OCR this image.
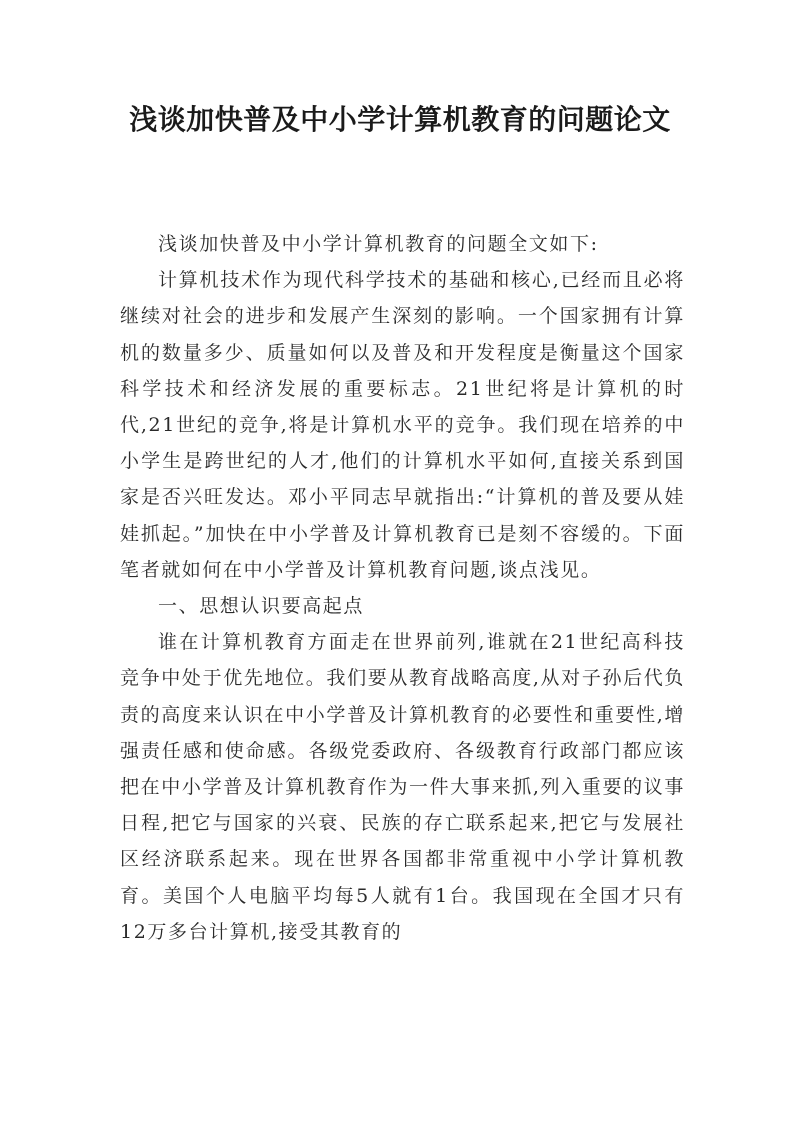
浅谈加快普及中小学计算机教育的问题论文

浅谈加快普及中小学计算机教育的问题全文如下:

计算机技术作为现代科学技术的基础和核心,已经而且必将继续对社会的进步和发展产生深刻的影响。一个国家拥有计算机的数量多少、质量如何以及普及和开发程度是衡量这个国家科学技术和经济发展的重要标志。21世纪将是计算机的时代,21世纪的竞争,将是计算机水平的竞争。我们现在培养的中小学生是跨世纪的人才,他们的计算机水平如何,直接关系到国家是否兴旺发达。邓小平同志早就指出:“计算机的普及要从娃娃抓起。”加快在中小学普及计算机教育已是刻不容缓的。下面笔者就如何在中小学普及计算机教育问题,谈点浅见。

一、思想认识要高起点

谁在计算机教育方面走在世界前列,谁就在21世纪高科技竞争中处于优先地位。我们要从教育战略高度,从对子孙后代负责的高度来认识在中小学普及计算机教育的必要性和重要性,增强责任感和使命感。各级党委政府、各级教育行政部门都应该把在中小学普及计算机教育作为一件大事来抓,列入重要的议事日程,把它与国家的兴衰、民族的存亡联系起来,把它与发展社区经济联系起来。现在世界各国都非常重视中小学计算机教育。美国个人电脑平均每5人就有1台。我国现在全国才只有12万多台计算机,接受其教育的
